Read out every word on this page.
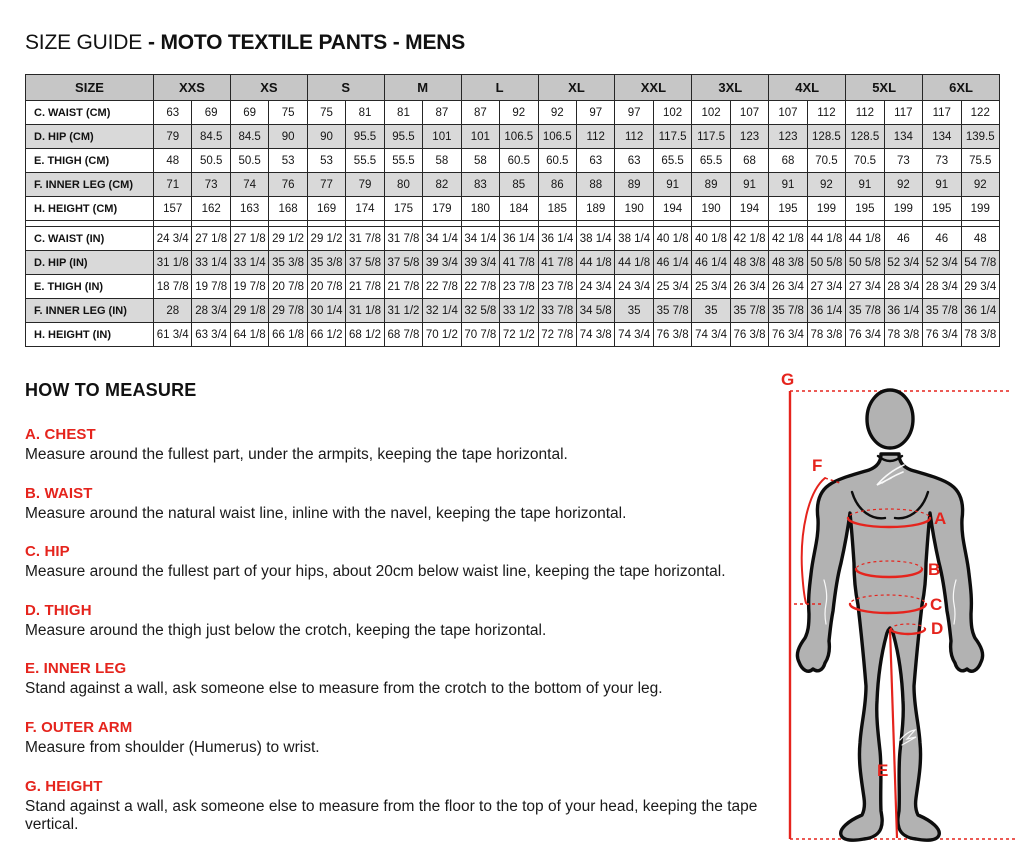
SIZE GUIDE - MOTO TEXTILE PANTS - MENS
SIZE	XXS		XS		S		M		L		XL		XXL		3XL		4XL		5XL		6XL	
C. WAIST (CM)	63	69	69	75	75	81	81	87	87	92	92	97	97	102	102	107	107	112	112	117	117	122
D. HIP (CM)	79	84.5	84.5	90	90	95.5	95.5	101	101	106.5	106.5	112	112	117.5	117.5	123	123	128.5	128.5	134	134	139.5
E. THIGH (CM)	48	50.5	50.5	53	53	55.5	55.5	58	58	60.5	60.5	63	63	65.5	65.5	68	68	70.5	70.5	73	73	75.5
F. INNER LEG (CM)	71	73	74	76	77	79	80	82	83	85	86	88	89	91	89	91	91	92	91	92	91	92
H. HEIGHT (CM)	157	162	163	168	169	174	175	179	180	184	185	189	190	194	190	194	195	199	195	199	195	199

C. WAIST (IN)	24 3/4	27 1/8	27 1/8	29 1/2	29 1/2	31 7/8	31 7/8	34 1/4	34 1/4	36 1/4	36 1/4	38 1/4	38 1/4	40 1/8	40 1/8	42 1/8	42 1/8	44 1/8	44 1/8	46	46	48
D. HIP (IN)	31 1/8	33 1/4	33 1/4	35 3/8	35 3/8	37 5/8	37 5/8	39 3/4	39 3/4	41 7/8	41 7/8	44 1/8	44 1/8	46 1/4	46 1/4	48 3/8	48 3/8	50 5/8	50 5/8	52 3/4	52 3/4	54 7/8
E. THIGH (IN)	18 7/8	19 7/8	19 7/8	20 7/8	20 7/8	21 7/8	21 7/8	22 7/8	22 7/8	23 7/8	23 7/8	24 3/4	24 3/4	25 3/4	25 3/4	26 3/4	26 3/4	27 3/4	27 3/4	28 3/4	28 3/4	29 3/4
F. INNER LEG (IN)	28	28 3/4	29 1/8	29 7/8	30 1/4	31 1/8	31 1/2	32 1/4	32 5/8	33 1/2	33 7/8	34 5/8	35	35 7/8	35	35 7/8	35 7/8	36 1/4	35 7/8	36 1/4	35 7/8	36 1/4
H. HEIGHT (IN)	61 3/4	63 3/4	64 1/8	66 1/8	66 1/2	68 1/2	68 7/8	70 1/2	70 7/8	72 1/2	72 7/8	74 3/8	74 3/4	76 3/8	74 3/4	76 3/8	76 3/4	78 3/8	76 3/4	78 3/8	76 3/4	78 3/8
HOW TO MEASURE
A. CHEST

Measure around the fullest part, under the armpits, keeping the tape horizontal.

B. WAIST

Measure around the natural waist line, inline with the navel, keeping the tape horizontal.

C. HIP

Measure around the fullest part of your hips, about 20cm below waist line, keeping the tape horizontal.

D. THIGH

Measure around the thigh just below the crotch, keeping the tape horizontal.

E. INNER LEG

Stand against a wall, ask someone else to measure from the crotch to the bottom of your leg.

F. OUTER ARM

Measure from shoulder (Humerus) to wrist.

G. HEIGHT

Stand against a wall, ask someone else to measure from the floor to the top of your head, keeping the tape vertical.

G
F
A
B
C
D
E
